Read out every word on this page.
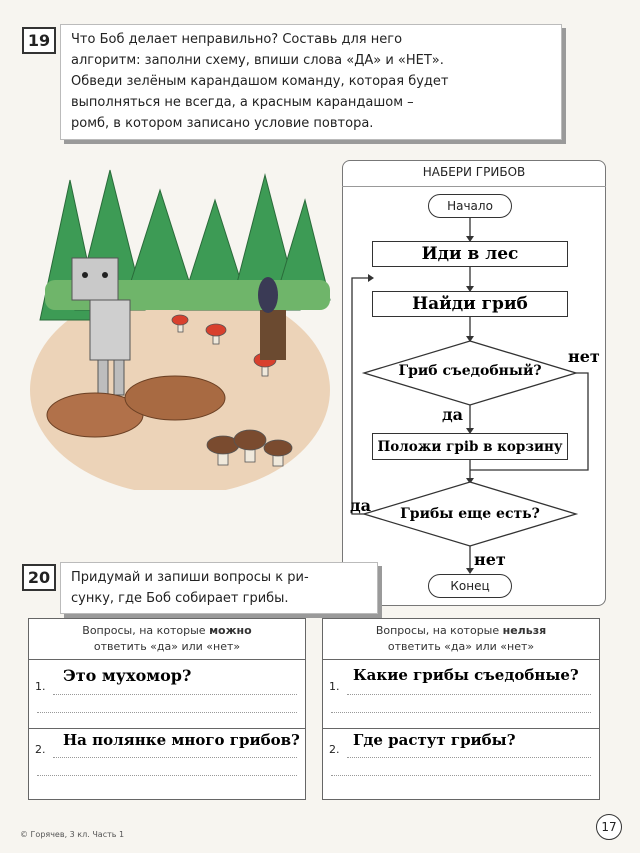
19	Что Боб делает неправильно? Составь для него
алгоритм: заполни схему, впиши слова «ДА» и «НЕТ».
Обведи зелёным карандашом команду, которая будет
выполняться не всегда, а красным карандашом –
ромб, в котором записано условие повтора.
НАБЕРИ ГРИБОВ
Начало
Иди в лес
Найди гриб
Гриб съедобный?
нет
да
Положи грib в корзину
Грибы еще есть?
да
нет
Конец
20	Придумай и запиши вопросы к ри-
сунку, где Боб собирает грибы.
Вопросы, на которые можно
ответить «да» или «нет»
1.
Это мухомор?
2.
На полянке много грибов?
Вопросы, на которые нельзя
ответить «да» или «нет»
1.
Какие грибы съедобные?
2.
Где растут грибы?
© Горячев, 3 кл. Часть 1
17
